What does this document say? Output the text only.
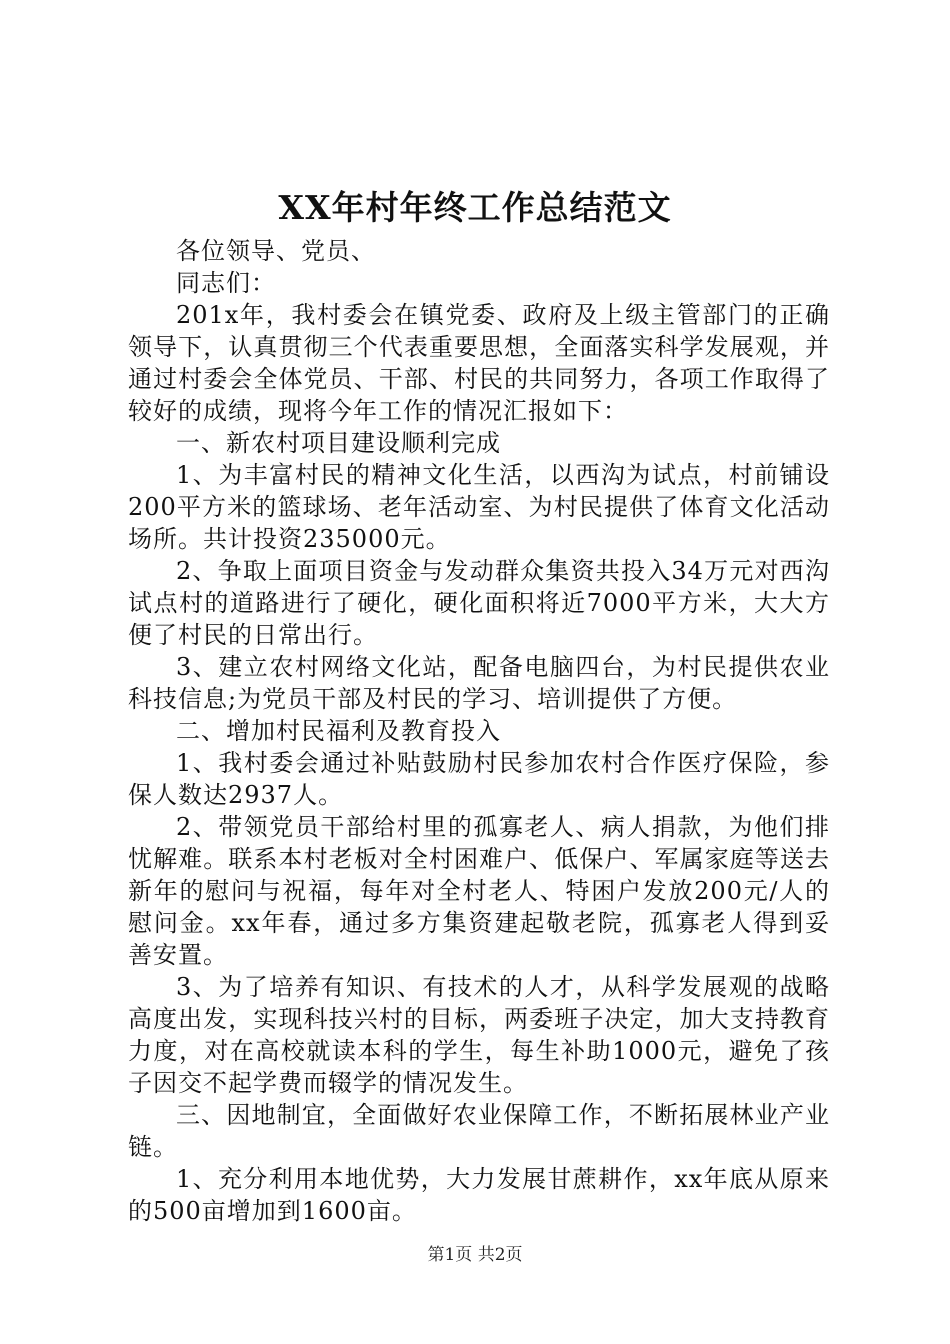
XX年村年终工作总结范文

各位领导、党员、

同志们：

201x年，我村委会在镇党委、政府及上级主管部门的正确领导下，认真贯彻三个代表重要思想，全面落实科学发展观，并通过村委会全体党员、干部、村民的共同努力，各项工作取得了较好的成绩，现将今年工作的情况汇报如下：

一、新农村项目建设顺利完成

1、为丰富村民的精神文化生活，以西沟为试点，村前铺设200平方米的篮球场、老年活动室、为村民提供了体育文化活动场所。共计投资235000元。

2、争取上面项目资金与发动群众集资共投入34万元对西沟试点村的道路进行了硬化，硬化面积将近7000平方米，大大方便了村民的日常出行。

3、建立农村网络文化站，配备电脑四台，为村民提供农业科技信息;为党员干部及村民的学习、培训提供了方便。

二、增加村民福利及教育投入

1、我村委会通过补贴鼓励村民参加农村合作医疗保险，参保人数达2937人。

2、带领党员干部给村里的孤寡老人、病人捐款，为他们排忧解难。联系本村老板对全村困难户、低保户、军属家庭等送去新年的慰问与祝福，每年对全村老人、特困户发放200元/人的慰问金。xx年春，通过多方集资建起敬老院，孤寡老人得到妥善安置。

3、为了培养有知识、有技术的人才，从科学发展观的战略高度出发，实现科技兴村的目标，两委班子决定，加大支持教育力度，对在高校就读本科的学生，每生补助1000元，避免了孩子因交不起学费而辍学的情况发生。

三、因地制宜，全面做好农业保障工作，不断拓展林业产业链。

1、充分利用本地优势，大力发展甘蔗耕作，xx年底从原来的500亩增加到1600亩。

第1页 共2页
